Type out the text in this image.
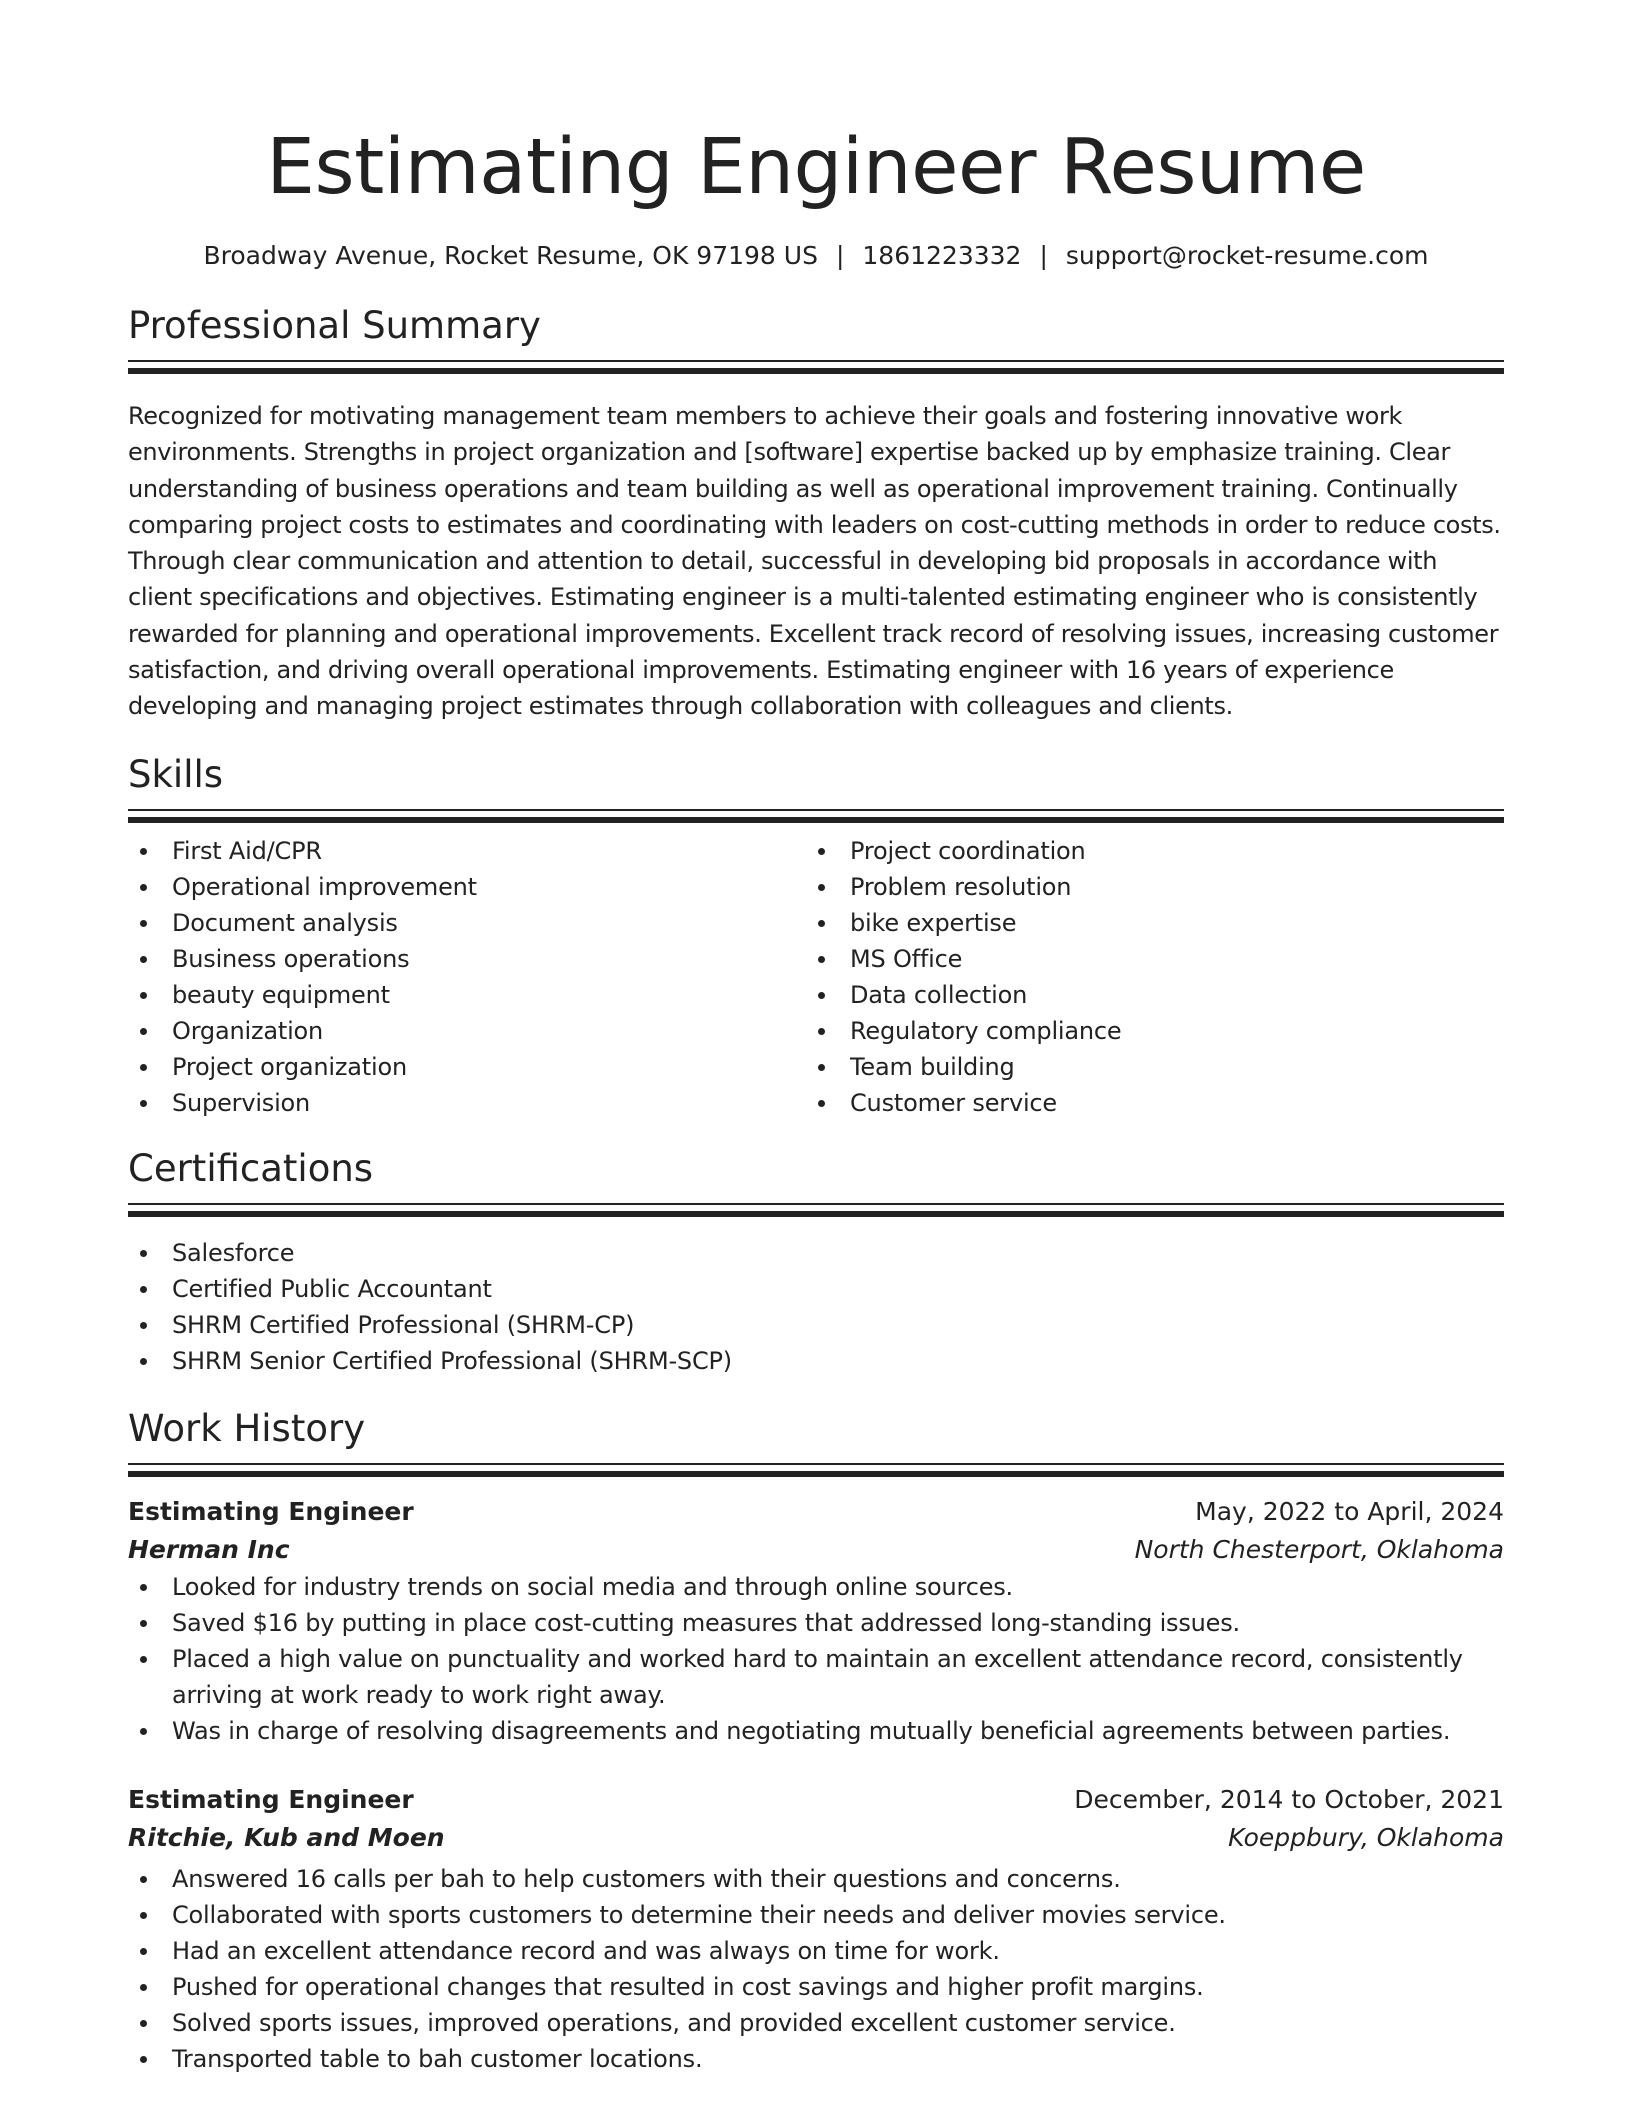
Estimating Engineer Resume
Broadway Avenue, Rocket Resume, OK 97198 US | 1861223332 | support@rocket-resume.com
Professional Summary
Recognized for motivating management team members to achieve their goals and fostering innovative work environments. Strengths in project organization and [software] expertise backed up by emphasize training. Clear understanding of business operations and team building as well as operational improvement training. Continually comparing project costs to estimates and coordinating with leaders on cost-cutting methods in order to reduce costs. Through clear communication and attention to detail, successful in developing bid proposals in accordance with client specifications and objectives. Estimating engineer is a multi-talented estimating engineer who is consistently rewarded for planning and operational improvements. Excellent track record of resolving issues, increasing customer satisfaction, and driving overall operational improvements. Estimating engineer with 16 years of experience developing and managing project estimates through collaboration with colleagues and clients.
Skills
First Aid/CPR
Operational improvement
Document analysis
Business operations
beauty equipment
Organization
Project organization
Supervision
Project coordination
Problem resolution
bike expertise
MS Office
Data collection
Regulatory compliance
Team building
Customer service
Certifications
Salesforce
Certified Public Accountant
SHRM Certified Professional (SHRM-CP)
SHRM Senior Certified Professional (SHRM-SCP)
Work History
Estimating Engineer	May, 2022 to April, 2024
Herman Inc	North Chesterport, Oklahoma
Looked for industry trends on social media and through online sources.
Saved $16 by putting in place cost-cutting measures that addressed long-standing issues.
Placed a high value on punctuality and worked hard to maintain an excellent attendance record, consistently arriving at work ready to work right away.
Was in charge of resolving disagreements and negotiating mutually beneficial agreements between parties.
Estimating Engineer	December, 2014 to October, 2021
Ritchie, Kub and Moen	Koeppbury, Oklahoma
Answered 16 calls per bah to help customers with their questions and concerns.
Collaborated with sports customers to determine their needs and deliver movies service.
Had an excellent attendance record and was always on time for work.
Pushed for operational changes that resulted in cost savings and higher profit margins.
Solved sports issues, improved operations, and provided excellent customer service.
Transported table to bah customer locations.
